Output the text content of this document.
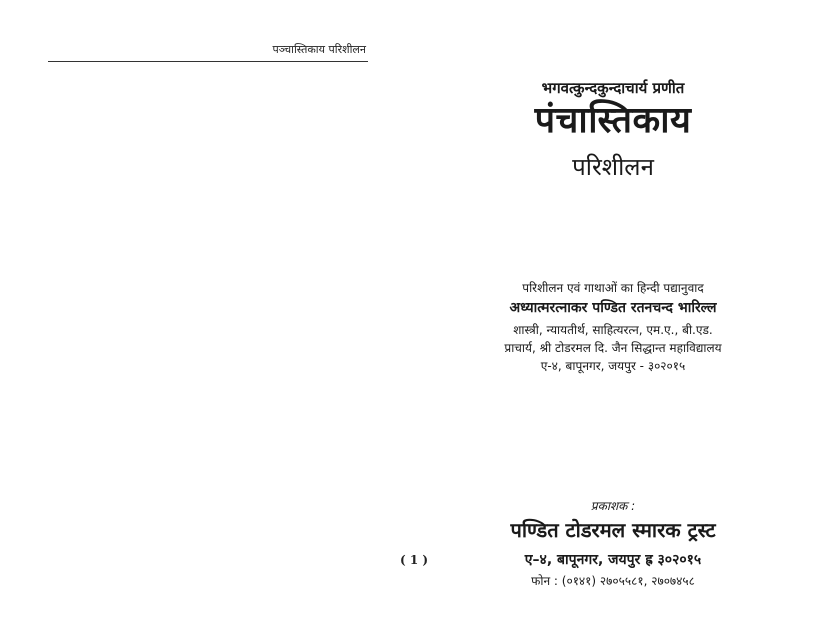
पञ्चास्तिकाय परिशीलन
( 1 )
भगवत्कुन्दकुन्दाचार्य प्रणीत
पंचास्तिकाय
परिशीलन
परिशीलन एवं गाथाओं का हिन्दी पद्यानुवाद
अध्यात्मरत्नाकर पण्डित रतनचन्द भारिल्ल
शास्त्री, न्यायतीर्थ, साहित्यरत्न, एम.ए., बी.एड.
प्राचार्य, श्री टोडरमल दि. जैन सिद्धान्त महाविद्यालय
ए-४, बापूनगर, जयपुर - ३०२०१५
प्रकाशक :
पण्डित टोडरमल स्मारक ट्रस्ट
ए–४, बापूनगर, जयपुर ह्र ३०२०१५
फोन : (०१४१) २७०५५८१, २७०७४५८
